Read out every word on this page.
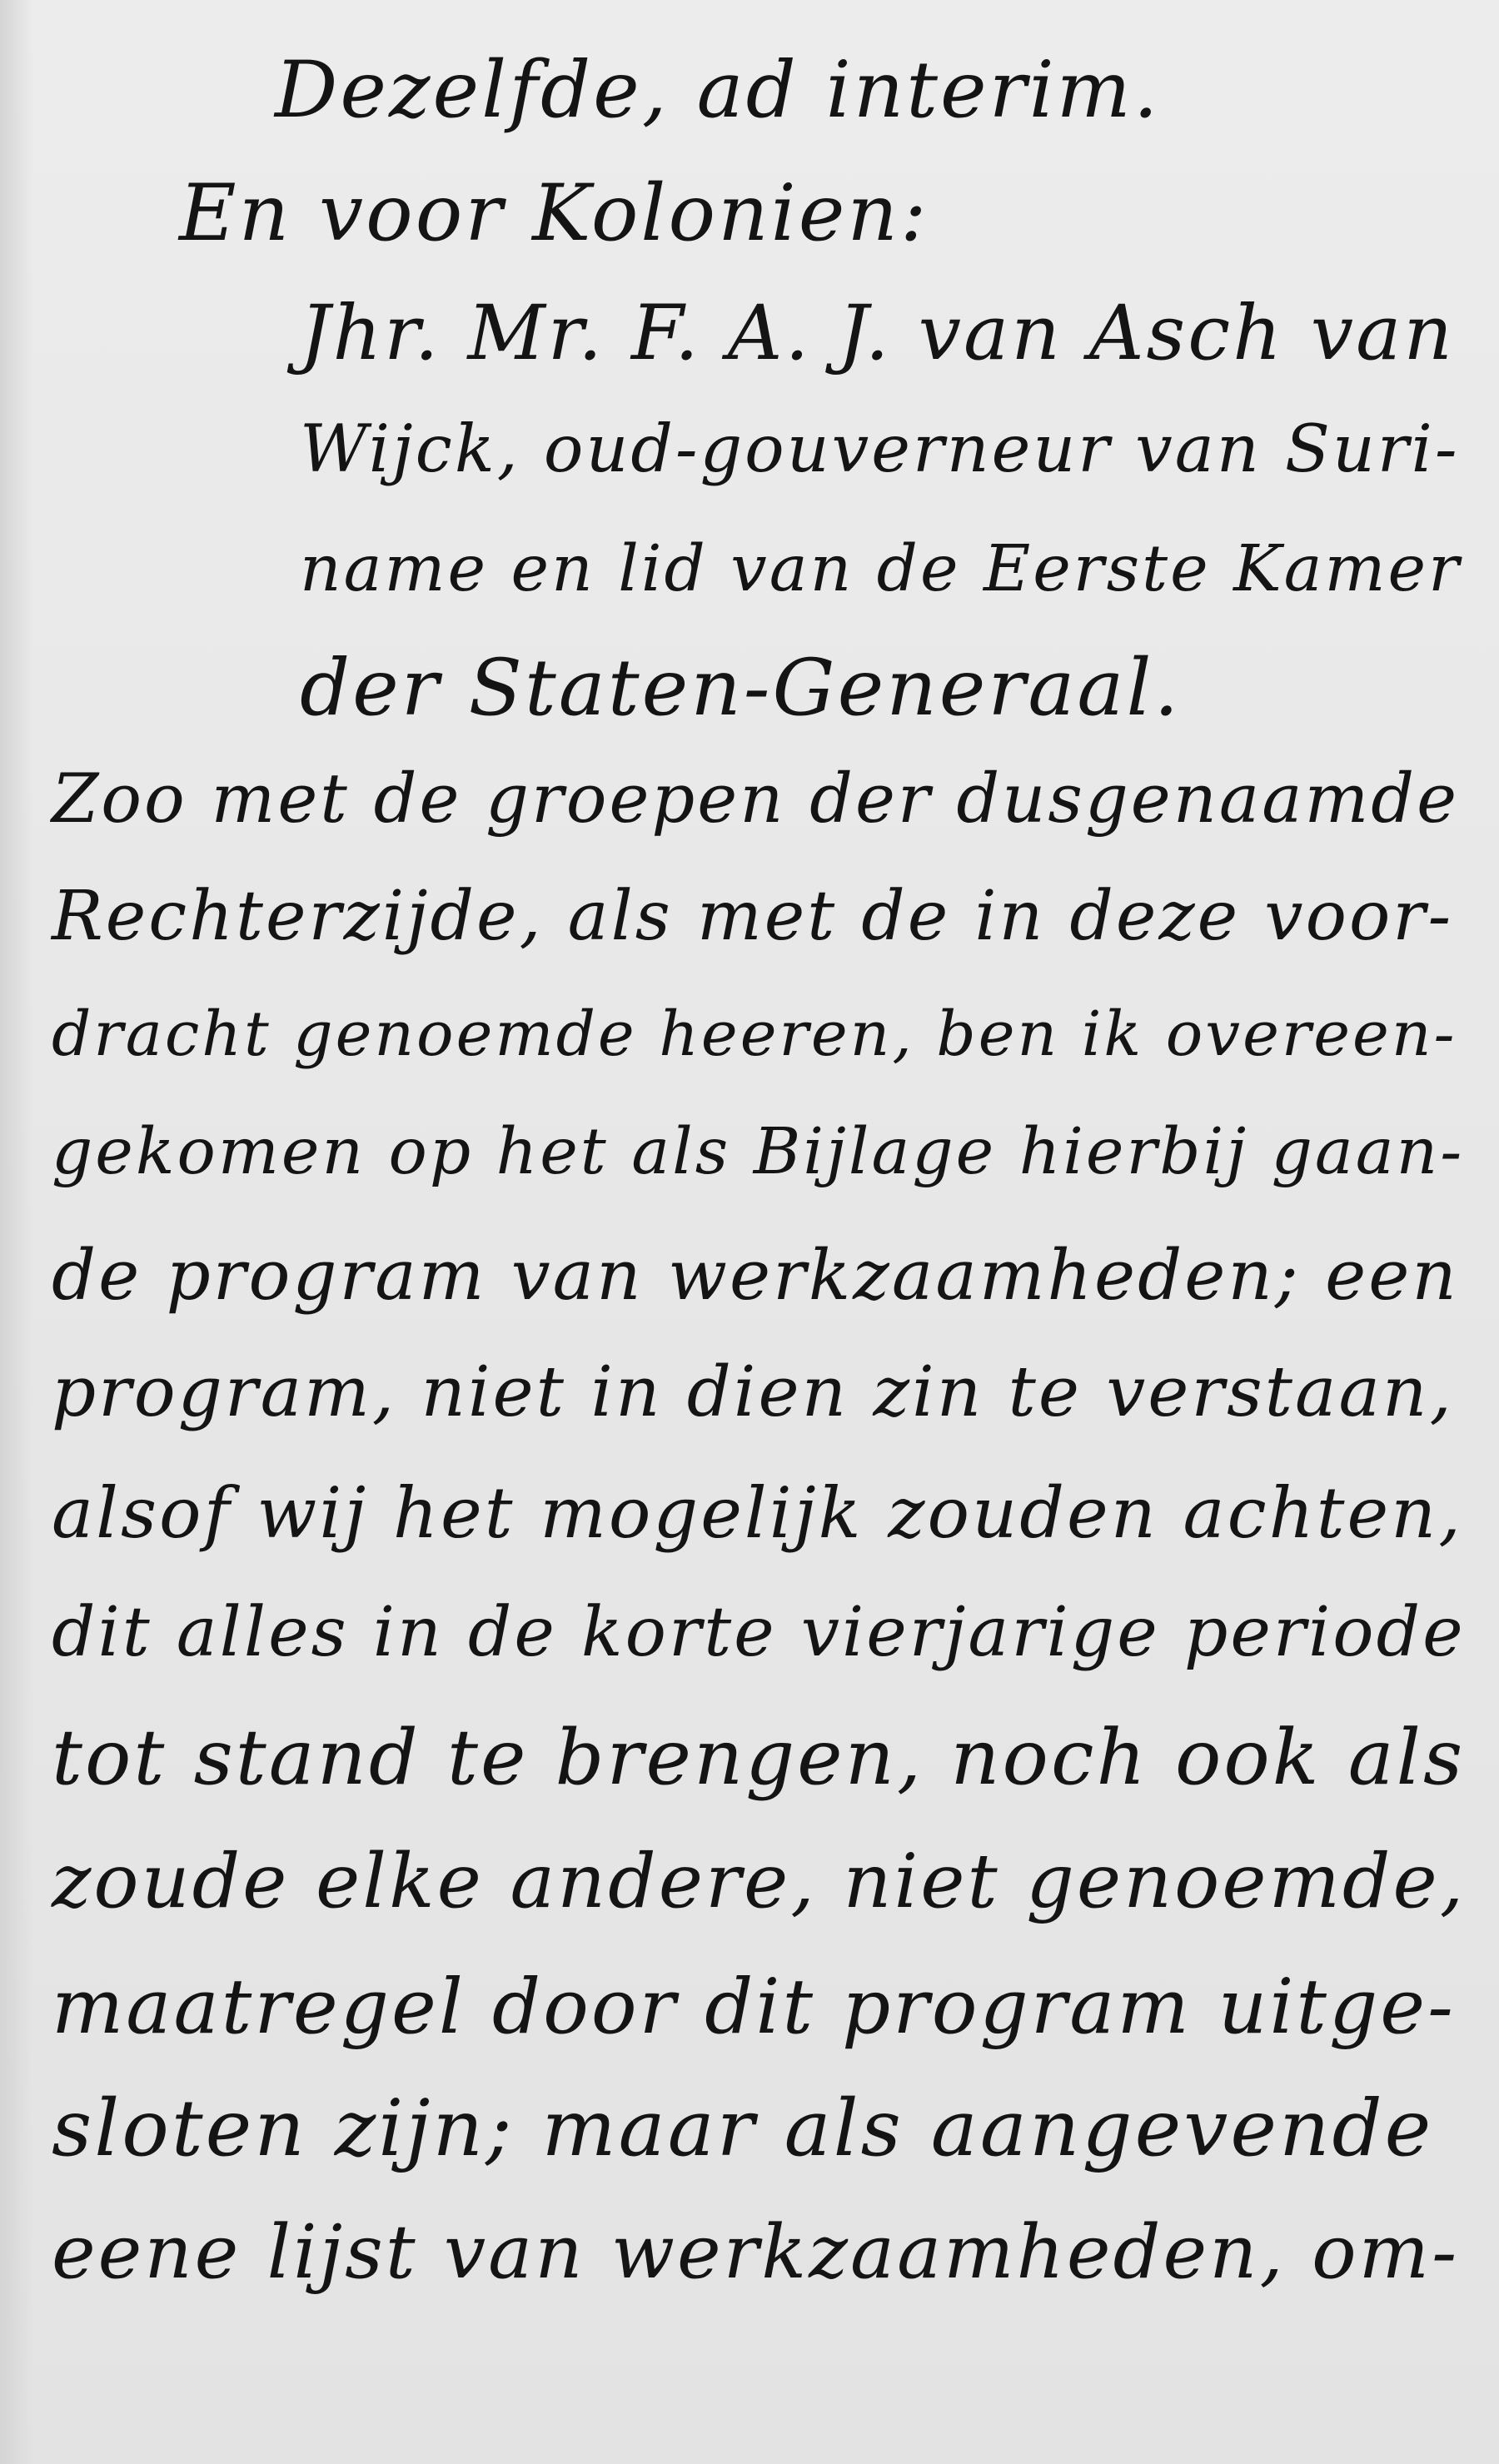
Dezelfde, ad interim.
En voor Kolonien:
Jhr. Mr. F. A. J. van Asch van
Wijck, oud-gouverneur van Suri-
name en lid van de Eerste Kamer
der Staten-Generaal.
Zoo met de groepen der dusgenaamde
Rechterzijde, als met de in deze voor-
dracht genoemde heeren, ben ik overeen-
gekomen op het als Bijlage hierbij gaan-
de program van werkzaamheden; een
program, niet in dien zin te verstaan,
alsof wij het mogelijk zouden achten,
dit alles in de korte vierjarige periode
tot stand te brengen, noch ook als
zoude elke andere, niet genoemde,
maatregel door dit program uitge-
sloten zijn; maar als aangevende
eene lijst van werkzaamheden, om-
